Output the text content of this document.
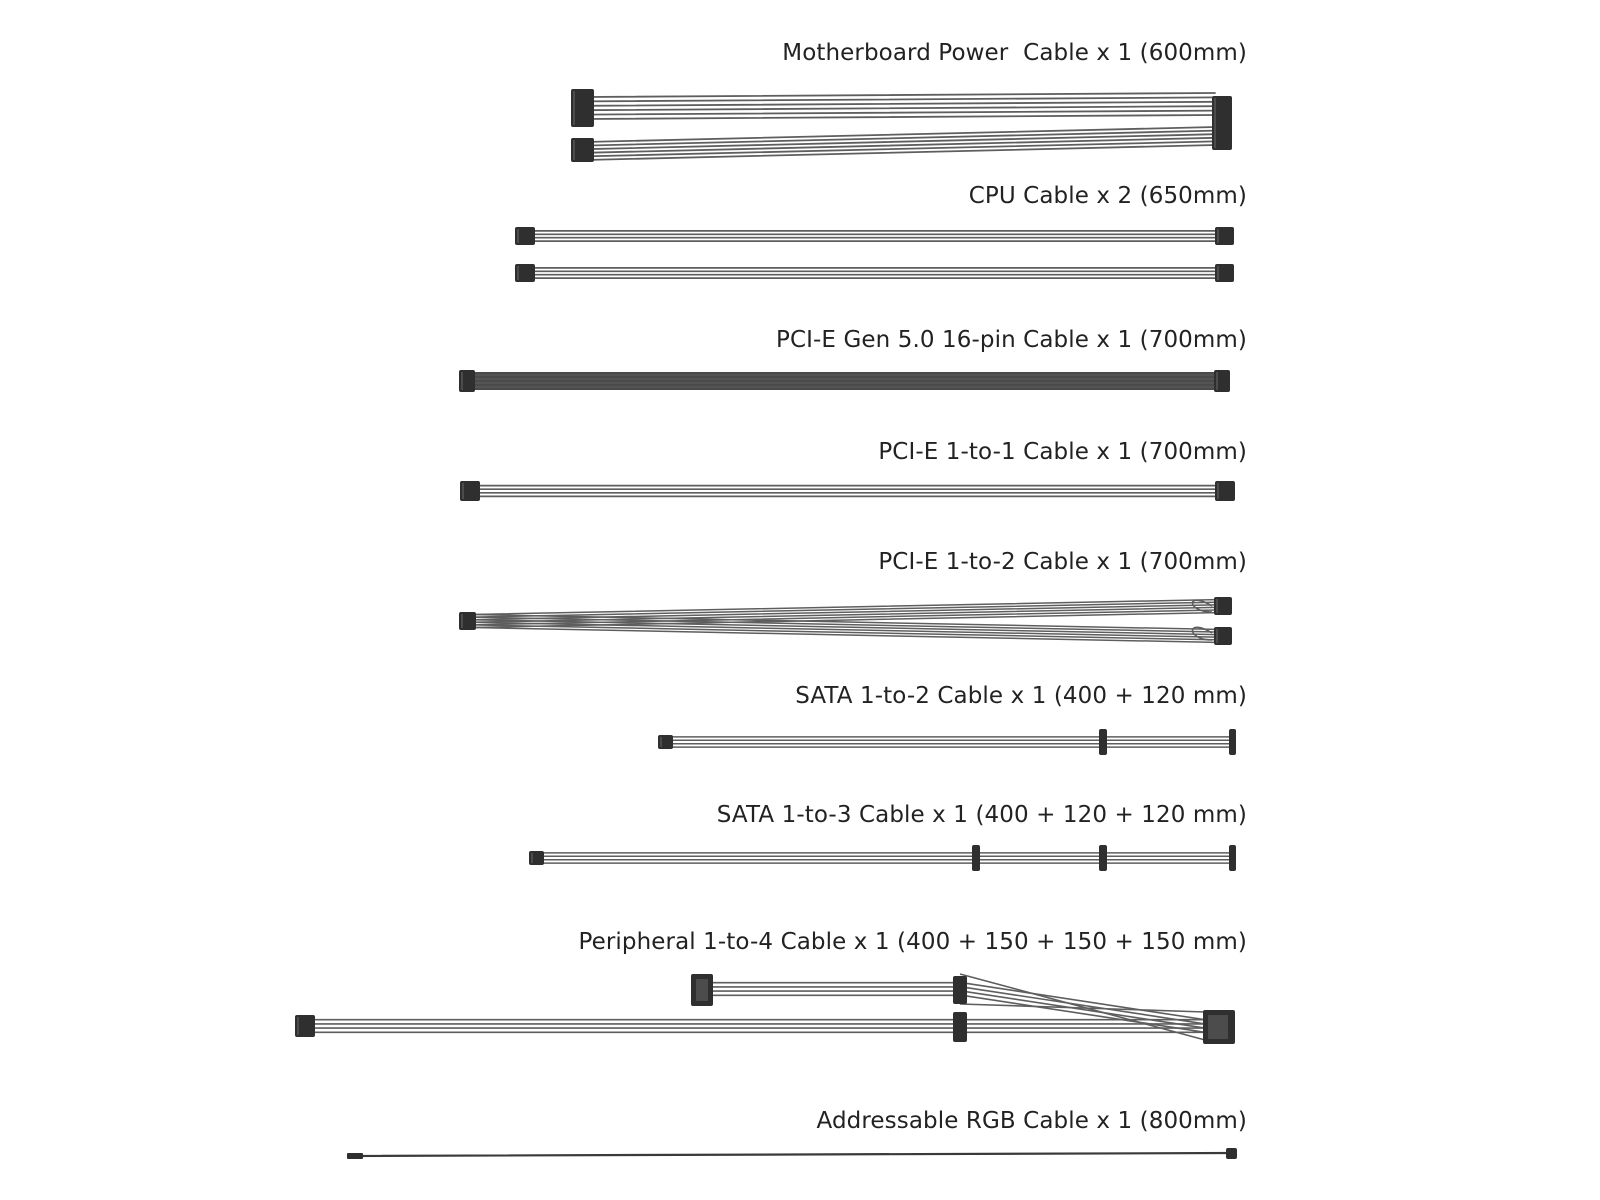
Motherboard Power  Cable x 1 (600mm)

CPU Cable x 2 (650mm)

PCI-E Gen 5.0 16-pin Cable x 1 (700mm)

PCI-E 1-to-1 Cable x 1 (700mm)

PCI-E 1-to-2 Cable x 1 (700mm)

SATA 1-to-2 Cable x 1 (400 + 120 mm)

SATA 1-to-3 Cable x 1 (400 + 120 + 120 mm)

Peripheral 1-to-4 Cable x 1 (400 + 150 + 150 + 150 mm)

Addressable RGB Cable x 1 (800mm)
